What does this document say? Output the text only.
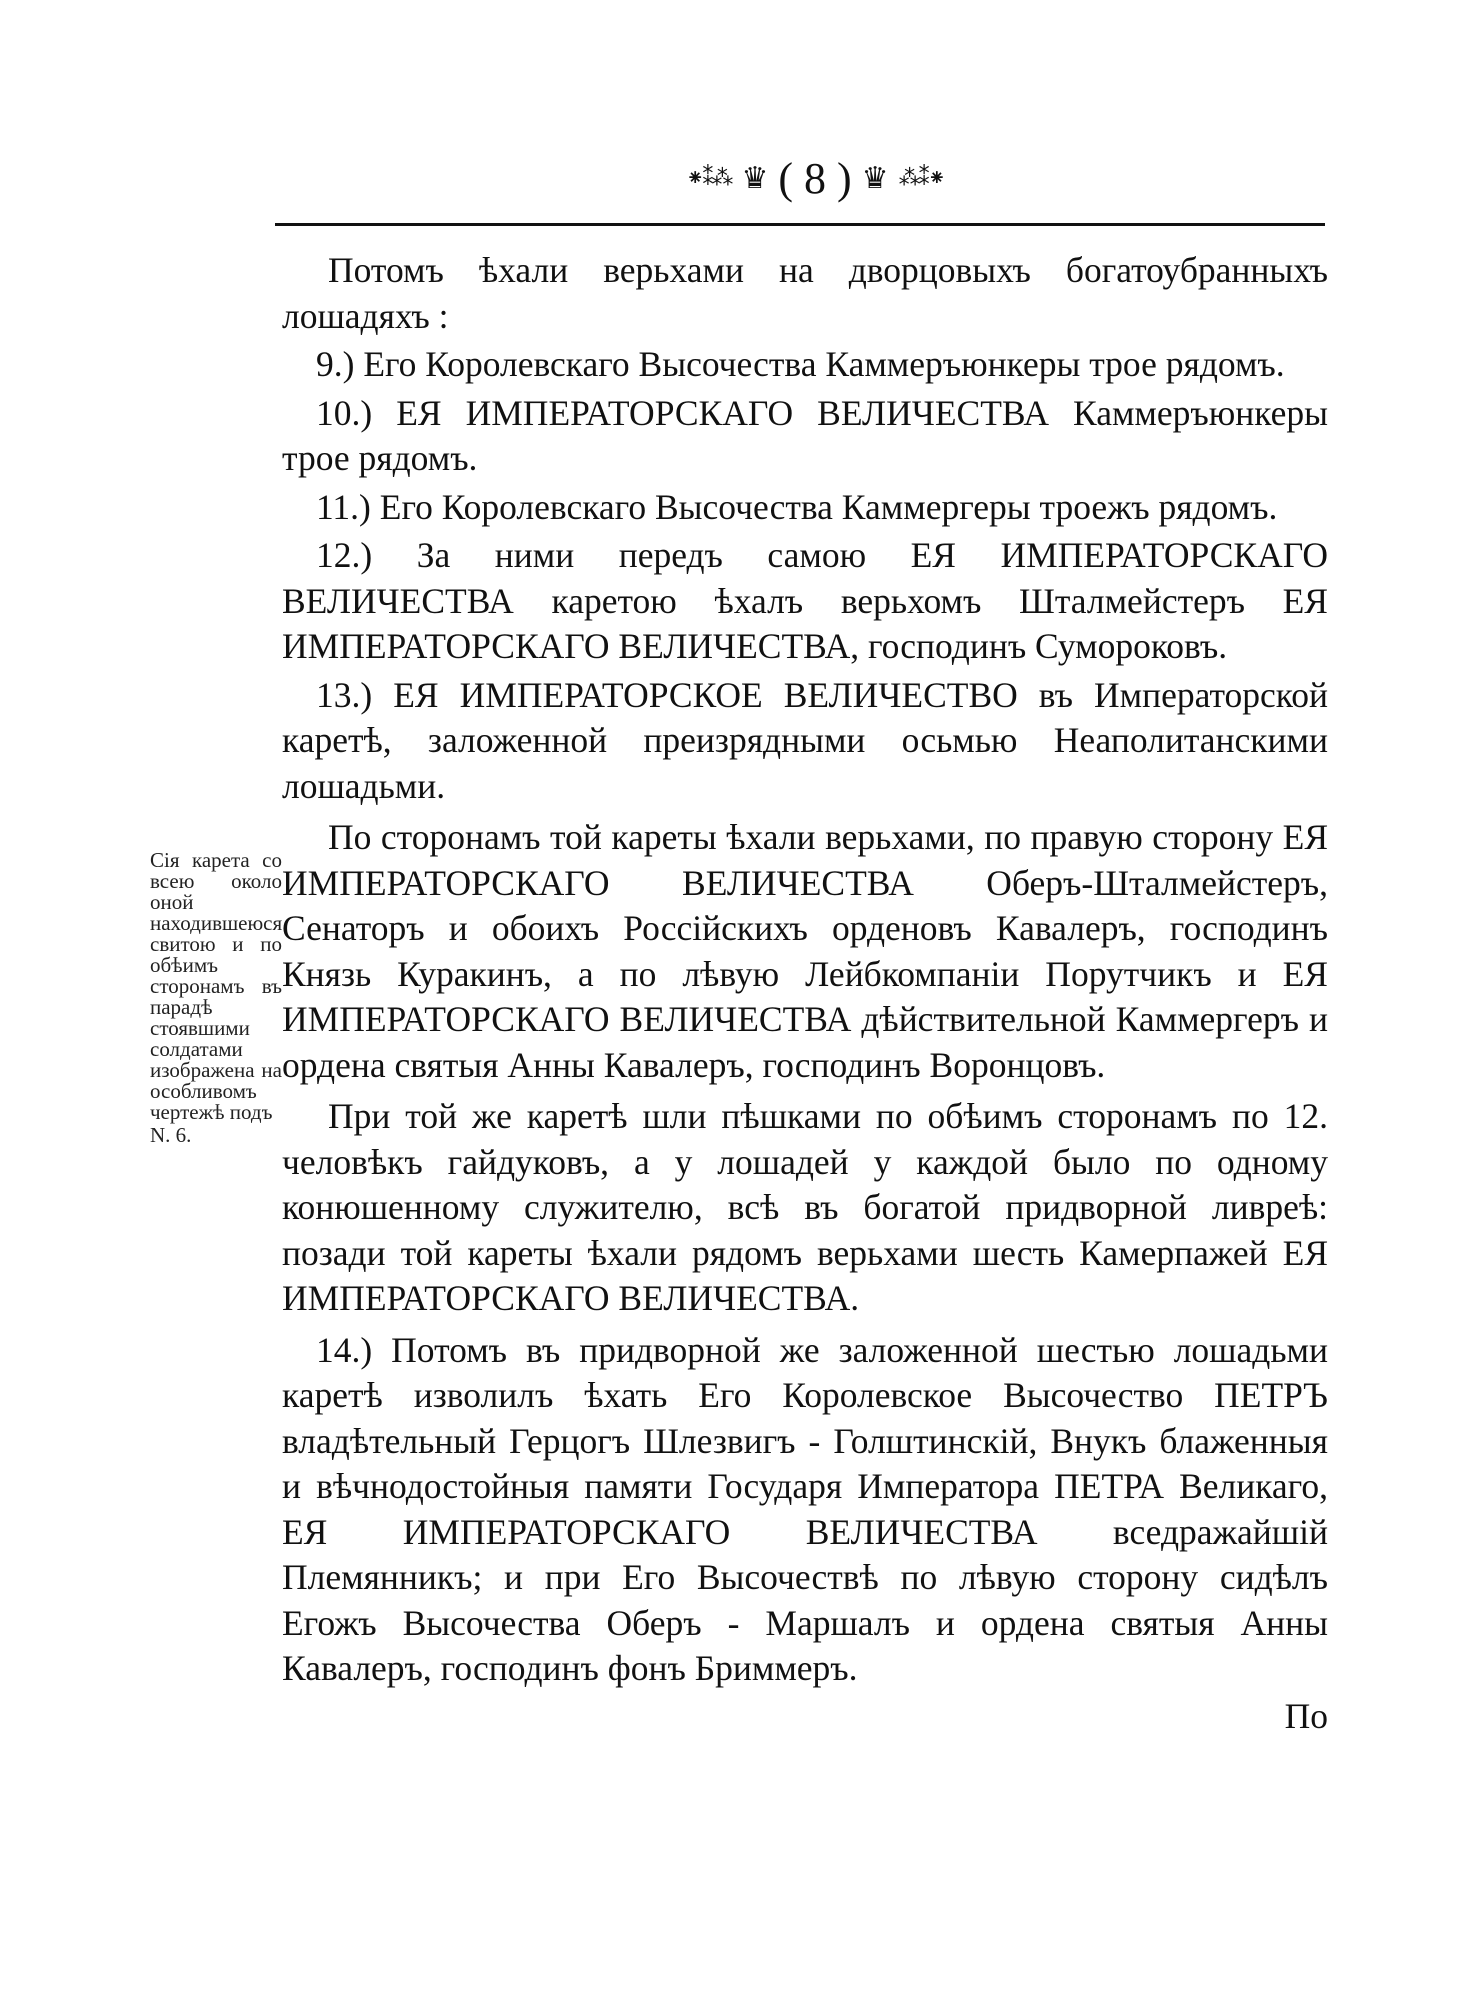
⁕⁑⁂ ♛ ( 8 ) ♛ ⁂⁑⁕

Потомъ ѣхали верьхами на дворцовыхъ богатоубранныхъ лошадяхъ :

9.) Его Королевскаго Высочества Каммеръюнкеры трое рядомъ.

10.) ЕЯ ИМПЕРАТОРСКАГО ВЕЛИЧЕСТВА Каммеръюнкеры трое рядомъ.

11.) Его Королевскаго Высочества Каммергеры троежъ рядомъ.

12.) За ними передъ самою ЕЯ ИМПЕРАТОРСКАГО ВЕЛИЧЕСТВА каретою ѣхалъ верьхомъ Шталмейстеръ ЕЯ ИМПЕРАТОРСКАГО ВЕЛИЧЕСТВА, господинъ Сумороковъ.

13.) ЕЯ ИМПЕРАТОРСКОЕ ВЕЛИЧЕСТВО въ Императорской каретѣ, заложенной преизрядными осьмью Неаполитанскими лошадьми.

По сторонамъ той кареты ѣхали верьхами, по правую сторону ЕЯ ИМПЕРАТОРСКАГО ВЕЛИЧЕСТВА Оберъ-Шталмейстеръ, Сенаторъ и обоихъ Россійскихъ орденовъ Кавалеръ, господинъ Князь Куракинъ, а по лѣвую Лейбкомпаніи Порутчикъ и ЕЯ ИМПЕРАТОРСКАГО ВЕЛИЧЕСТВА дѣйствительной Каммергеръ и ордена святыя Анны Кавалеръ, господинъ Воронцовъ.

При той же каретѣ шли пѣшками по обѣимъ сторонамъ по 12. человѣкъ гайдуковъ, а у лошадей у каждой было по одному конюшенному служителю, всѣ въ богатой придворной ливреѣ: позади той кареты ѣхали рядомъ верьхами шесть Камерпажей ЕЯ ИМПЕРАТОРСКАГО ВЕЛИЧЕСТВА.

14.) Потомъ въ придворной же заложенной шестью лошадьми каретѣ изволилъ ѣхать Его Королевское Высочество ПЕТРЪ владѣтельный Герцогъ Шлезвигъ - Голштинскій, Внукъ блаженныя и вѣчнодостойныя памяти Государя Императора ПЕТРА Великаго, ЕЯ ИМПЕРАТОРСКАГО ВЕЛИЧЕСТВА вседражайшій Племянникъ; и при Его Высочествѣ по лѣвую сторону сидѣлъ Егожъ Высочества Оберъ - Маршалъ и ордена святыя Анны Кавалеръ, господинъ фонъ Бриммеръ.

По
Сія карета со всею около оной находившеюся свитою и по обѣимъ сторонамъ въ парадѣ стоявшими солдатами изображена на особливомъ чертежѣ подъ
N. 6.
